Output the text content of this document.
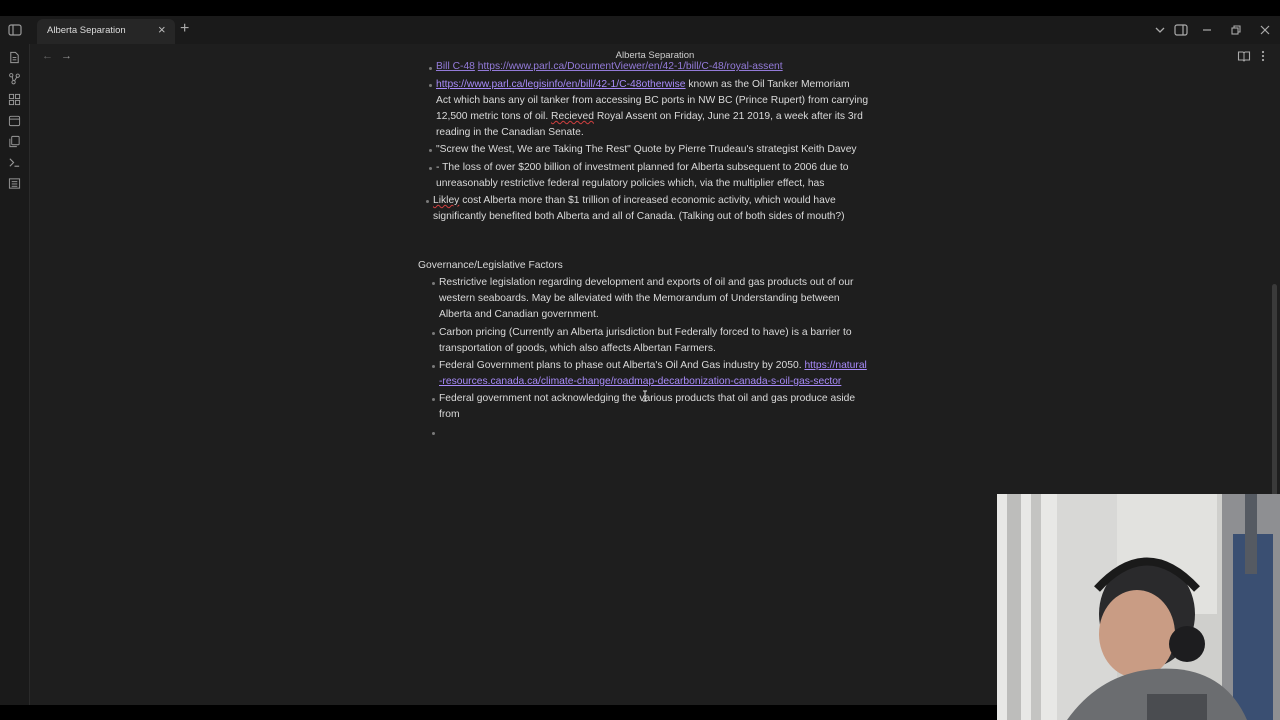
Alberta Separation × +
← →	Alberta Separation
Bill C-48 https://www.parl.ca/DocumentViewer/en/42-1/bill/C-48/royal-assent
https://www.parl.ca/legisinfo/en/bill/42-1/C-48otherwise known as the Oil Tanker Memoriam
Act which bans any oil tanker from accessing BC ports in NW BC (Prince Rupert) from carrying
12,500 metric tons of oil. Recieved Royal Assent on Friday, June 21 2019, a week after its 3rd
reading in the Canadian Senate.
"Screw the West, We are Taking The Rest" Quote by Pierre Trudeau's strategist Keith Davey
- The loss of over $200 billion of investment planned for Alberta subsequent to 2006 due to
unreasonably restrictive federal regulatory policies which, via the multiplier effect, has
Likley cost Alberta more than $1 trillion of increased economic activity, which would have
significantly benefited both Alberta and all of Canada. (Talking out of both sides of mouth?)
Governance/Legislative Factors
Restrictive legislation regarding development and exports of oil and gas products out of our
western seaboards. May be alleviated with the Memorandum of Understanding between
Alberta and Canadian government.
Carbon pricing (Currently an Alberta jurisdiction but Federally forced to have) is a barrier to
transportation of goods, which also affects Albertan Farmers.
Federal Government plans to phase out Alberta's Oil And Gas industry by 2050. https://natural
-resources.canada.ca/climate-change/roadmap-decarbonization-canada-s-oil-gas-sector
Federal government not acknowledging the various products that oil and gas produce aside
from
